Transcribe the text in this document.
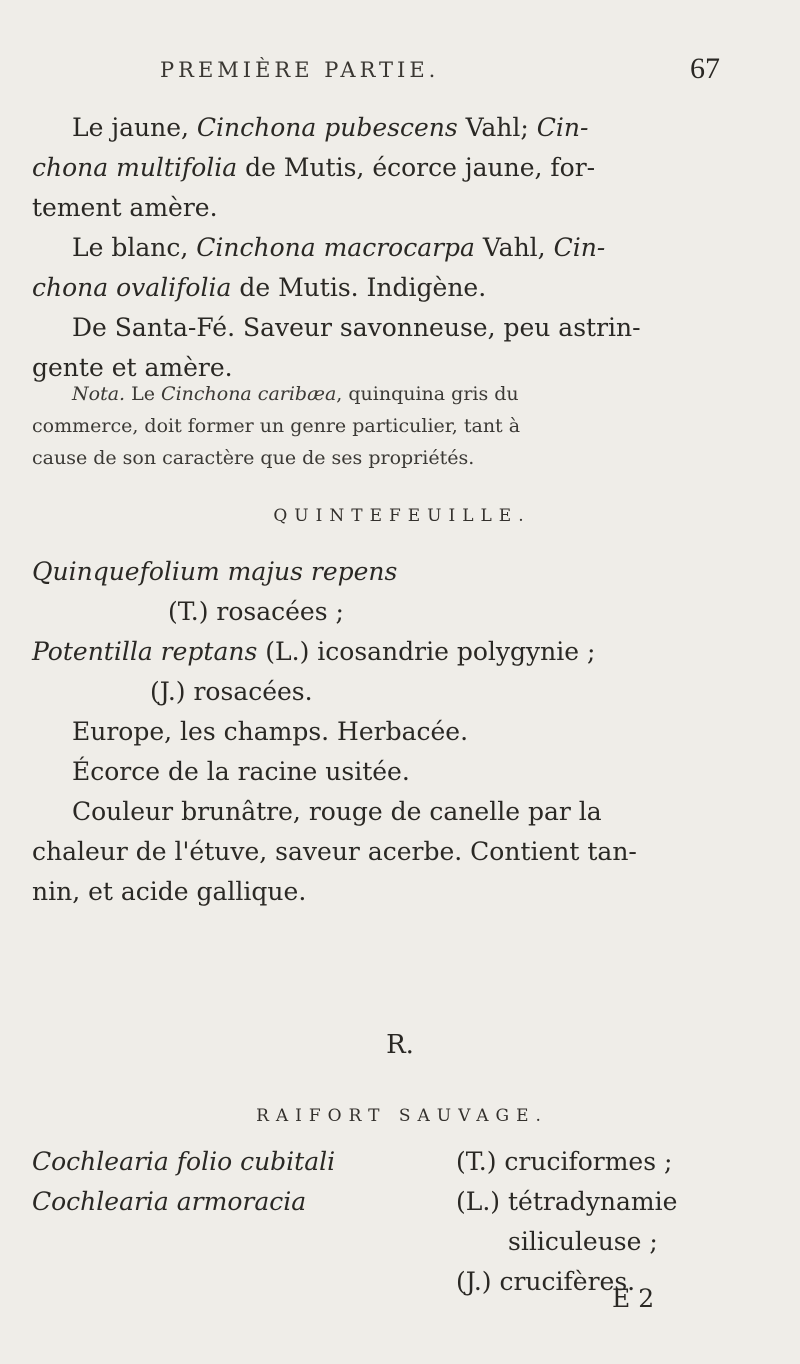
PREMIÈRE PARTIE.	67
Le jaune, Cinchona pubescens Vahl; Cin-
chona multifolia de Mutis, écorce jaune, for-
tement amère.
Le blanc, Cinchona macrocarpa Vahl, Cin-
chona ovalifolia de Mutis. Indigène.
De Santa-Fé. Saveur savonneuse, peu astrin-
gente et amère.
Nota. Le Cinchona caribæa, quinquina gris du
commerce, doit former un genre particulier, tant à
cause de son caractère que de ses propriétés.
QUINTEFEUILLE.
Quinquefolium majus repens
(T.) rosacées ;
Potentilla reptans (L.) icosandrie polygynie ;
(J.) rosacées.
Europe, les champs. Herbacée.
Écorce de la racine usitée.
Couleur brunâtre, rouge de canelle par la
chaleur de l'étuve, saveur acerbe. Contient tan-
nin, et acide gallique.
R.
RAIFORT SAUVAGE.
Cochlearia folio cubitali	(T.) cruciformes ;
Cochlearia armoracia	(L.) tétradynamie
siliculeuse ;
(J.) crucifères.
E 2
